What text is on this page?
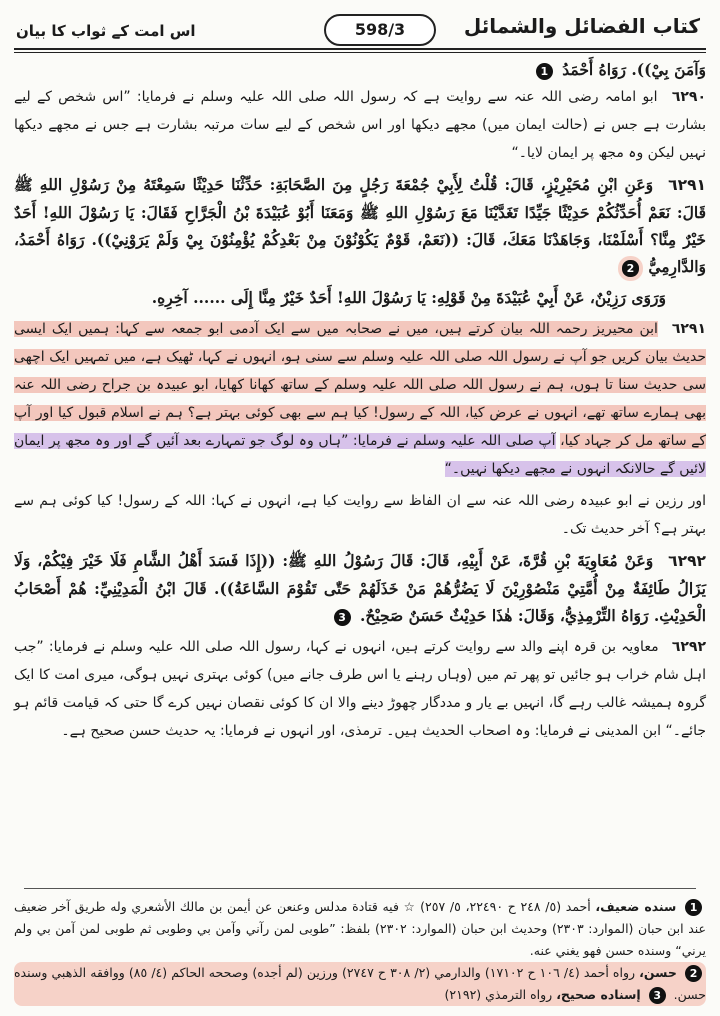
كتاب الفضائل والشمائل
598/3
اس امت کے ثواب کا بیان

وَآمَنَ بِيْ)). رَوَاهُ أَحْمَدُ 1

٦٢٩٠ ابو امامہ رضی اللہ عنہ سے روایت ہے کہ رسول اللہ صلی اللہ علیہ وسلم نے فرمایا: ”اس شخص کے لیے بشارت ہے جس نے (حالت ایمان میں) مجھے دیکھا اور اس شخص کے لیے سات مرتبہ بشارت ہے جس نے مجھے دیکھا نہیں لیکن وہ مجھ پر ایمان لایا۔“

٦٢٩١ وَعَنِ ابْنِ مُحَيْرِيْزٍ، قَالَ: قُلْتُ لِأَبِيْ جُمْعَةَ رَجُلٍ مِنَ الصَّحَابَةِ: حَدِّثْنَا حَدِيْثًا سَمِعْتَهُ مِنْ رَسُوْلِ اللهِ ﷺ قَالَ: نَعَمْ أُحَدِّثُكُمْ حَدِيْثًا جَيِّدًا تَغَدَّيْنَا مَعَ رَسُوْلِ اللهِ ﷺ وَمَعَنَا أَبُوْ عُبَيْدَةَ بْنُ الْجَرَّاحِ فَقَالَ: يَا رَسُوْلَ اللهِ! أَحَدٌ خَيْرٌ مِنَّا؟ أَسْلَمْنَا، وَجَاهَدْنَا مَعَكَ، قَالَ: ((نَعَمْ، قَوْمٌ يَكُوْنُوْنَ مِنْ بَعْدِكُمْ يُؤْمِنُوْنَ بِيْ وَلَمْ يَرَوْنِيْ)). رَوَاهُ أَحْمَدُ، وَالدَّارِمِيُّ 2

وَرَوَى رَزِيْنٌ، عَنْ أَبِيْ عُبَيْدَةَ مِنْ قَوْلِهِ: يَا رَسُوْلَ اللهِ! أَحَدٌ خَيْرٌ مِنَّا إِلَى ...... آخِرِهِ.

٦٢٩١ ابن محیریز رحمہ اللہ بیان کرتے ہیں، میں نے صحابہ میں سے ایک آدمی ابو جمعہ سے کہا: ہمیں ایک ایسی حدیث بیان کریں جو آپ نے رسول اللہ صلی اللہ علیہ وسلم سے سنی ہو، انہوں نے کہا، ٹھیک ہے، میں تمہیں ایک اچھی سی حدیث سنا تا ہوں، ہم نے رسول اللہ صلی اللہ علیہ وسلم کے ساتھ کھانا کھایا، ابو عبیدہ بن جراح رضی اللہ عنہ بھی ہمارے ساتھ تھے، انہوں نے عرض کیا، اللہ کے رسول! کیا ہم سے بھی کوئی بہتر ہے؟ ہم نے اسلام قبول کیا اور آپ کے ساتھ مل کر جہاد کیا، آپ صلی اللہ علیہ وسلم نے فرمایا: ”ہاں وہ لوگ جو تمہارے بعد آئیں گے اور وہ مجھ پر ایمان لائیں گے حالانکہ انہوں نے مجھے دیکھا نہیں۔“

اور رزین نے ابو عبیدہ رضی اللہ عنہ سے ان الفاظ سے روایت کیا ہے، انہوں نے کہا: اللہ کے رسول! کیا کوئی ہم سے بہتر ہے؟ آخر حدیث تک۔

٦٢٩٢ وَعَنْ مُعَاوِيَةَ بْنِ قُرَّةَ، عَنْ أَبِيْهِ، قَالَ: قَالَ رَسُوْلُ اللهِ ﷺ: ((إِذَا فَسَدَ أَهْلُ الشَّامِ فَلَا خَيْرَ فِيْكُمْ، وَلَا يَزَالُ طَائِفَةٌ مِنْ أُمَّتِيْ مَنْصُوْرِيْنَ لَا يَضُرُّهُمْ مَنْ خَذَلَهُمْ حَتّٰى تَقُوْمَ السَّاعَةُ)). قَالَ ابْنُ الْمَدِيْنِيِّ: هُمْ أَصْحَابُ الْحَدِيْثِ. رَوَاهُ التِّرْمِذِيُّ، وَقَالَ: هٰذَا حَدِيْثٌ حَسَنٌ صَحِيْحٌ. 3

٦٢٩٢ معاویہ بن قرہ اپنے والد سے روایت کرتے ہیں، انہوں نے کہا، رسول اللہ صلی اللہ علیہ وسلم نے فرمایا: ”جب اہل شام خراب ہو جائیں تو پھر تم میں (وہاں رہنے یا اس طرف جانے میں) کوئی بہتری نہیں ہوگی، میری امت کا ایک گروہ ہمیشہ غالب رہے گا، انہیں بے یار و مددگار چھوڑ دینے والا ان کا کوئی نقصان نہیں کرے گا حتی کہ قیامت قائم ہو جائے۔“ ابن المدینی نے فرمایا: وہ اصحاب الحدیث ہیں۔ ترمذی، اور انہوں نے فرمایا: یہ حدیث حسن صحیح ہے۔

1 سنده ضعيف، أحمد (٥/ ٢٤٨ ح ٢٢٤٩٠، ٥/ ٢٥٧) ☆ فيه قتادة مدلس وعنعن عن أيمن بن مالك الأشعري وله طريق آخر ضعيف عند ابن حبان (الموارد: ٢٣٠٣) وحديث ابن حبان (الموارد: ٢٣٠٢) بلفظ: ”طوبى لمن رآني وآمن بي وطوبى ثم طوبى لمن آمن بي ولم يرني“ وسنده حسن فهو يغني عنه.

2 حسن، رواه أحمد (٤/ ١٠٦ ح ١٧١٠٢) والدارمي (٢/ ٣٠٨ ح ٢٧٤٧) ورزين (لم أجده) وصححه الحاكم (٤/ ٨٥) ووافقه الذهبي وسنده حسن. 3 إسناده صحيح، رواه الترمذي (٢١٩٢)
